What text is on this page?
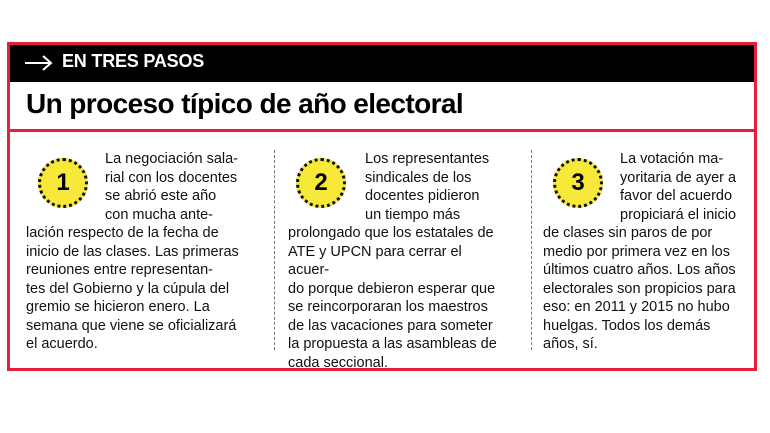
EN TRES PASOS
Un proceso típico de año electoral
1

La negociación sala-

rial con los docentes

se abrió este año

con mucha ante-

lación respecto de la fecha de

inicio de las clases. Las primeras

reuniones entre representan-

tes del Gobierno y la cúpula del

gremio se hicieron enero. La

semana que viene se oficializará

el acuerdo.

2

Los representantes

sindicales de los

docentes pidieron

un tiempo más

prolongado que los estatales de

ATE y UPCN para cerrar el acuer-

do porque debieron esperar que

se reincorporaran los maestros

de las vacaciones para someter

la propuesta a las asambleas de

cada seccional.

3

La votación ma-

yoritaria de ayer a

favor del acuerdo

propiciará el inicio

de clases sin paros de por

medio por primera vez en los

últimos cuatro años. Los años

electorales son propicios para

eso: en 2011 y 2015 no hubo

huelgas. Todos los demás

años, sí.
